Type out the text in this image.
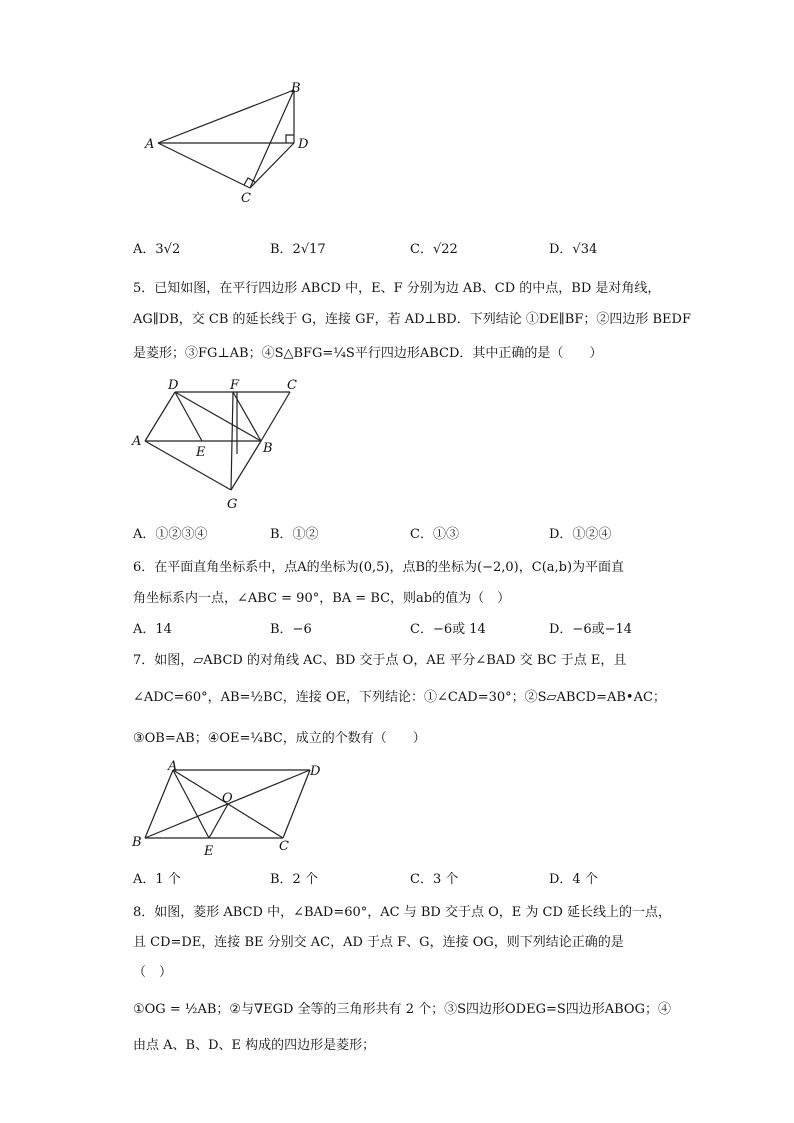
A
B
D
C
A．3√2	B．2√17	C．√22	D．√34
5．已知如图，在平行四边形 ABCD 中，E、F 分别为边 AB、CD 的中点，BD 是对角线，
AG∥DB，交 CB 的延长线于 G，连接 GF，若 AD⊥BD．下列结论 ①DE∥BF；②四边形 BEDF
是菱形；③FG⊥AB；④S△BFG=¼S平行四边形ABCD．其中正确的是（　　）
D	F	C
A
E	B
G
A．①②③④	B．①②	C．①③	D．①②④
6．在平面直角坐标系中，点A的坐标为(0,5)，点B的坐标为(−2,0)，C(a,b)为平面直
角坐标系内一点，∠ABC = 90°，BA = BC，则ab的值为（　）
A．14	B．−6	C．−6或 14	D．−6或−14
7．如图，▱ABCD 的对角线 AC、BD 交于点 O，AE 平分∠BAD 交 BC 于点 E，且
∠ADC=60°，AB=½BC，连接 OE，下列结论：①∠CAD=30°；②S▱ABCD=AB•AC；
③OB=AB；④OE=¼BC，成立的个数有（　　）
A	D
O
B
E	C
A．1 个	B．2 个	C．3 个	D．4 个
8．如图，菱形 ABCD 中，∠BAD=60°，AC 与 BD 交于点 O，E 为 CD 延长线上的一点，
且 CD=DE，连接 BE 分别交 AC，AD 于点 F、G，连接 OG，则下列结论正确的是
（　）
①OG = ½AB；②与∇EGD 全等的三角形共有 2 个；③S四边形ODEG=S四边形ABOG；④
由点 A、B、D、E 构成的四边形是菱形；
